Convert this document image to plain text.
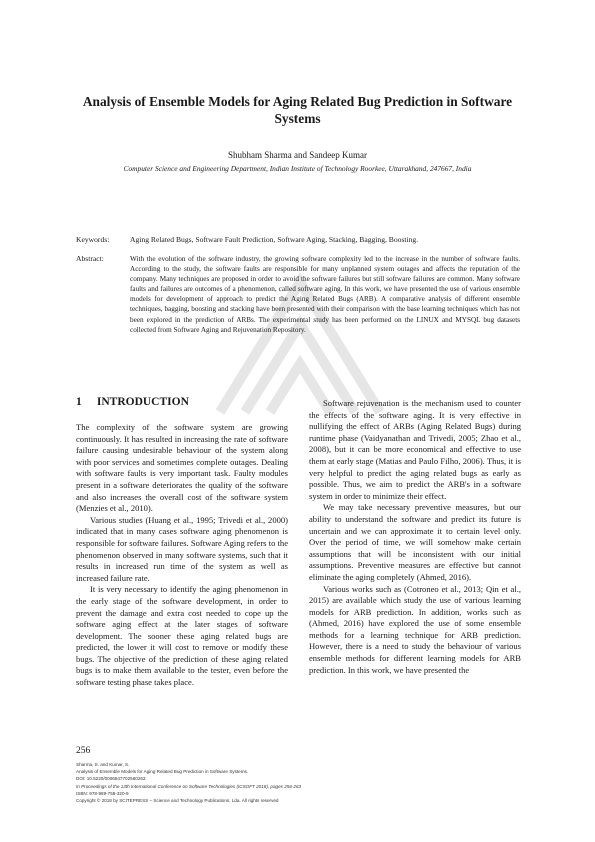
Analysis of Ensemble Models for Aging Related Bug Prediction in Software Systems
Shubham Sharma and Sandeep Kumar
Computer Science and Engineering Department, Indian Institute of Technology Roorkee, Uttarakhand, 247667, India
Keywords:	Aging Related Bugs, Software Fault Prediction, Software Aging, Stacking, Bagging, Boosting.
Abstract:	With the evolution of the software industry, the growing software complexity led to the increase in the number of software faults. According to the study, the software faults are responsible for many unplanned system outages and affects the reputation of the company. Many techniques are proposed in order to avoid the software failures but still software failures are common. Many software faults and failures are outcomes of a phenomenon, called software aging. In this work, we have presented the use of various ensemble models for development of approach to predict the Aging Related Bugs (ARB). A comparative analysis of different ensemble techniques, bagging, boosting and stacking have been presented with their comparison with the base learning techniques which has not been explored in the prediction of ARBs. The experimental study has been performed on the LINUX and MYSQL bug datasets collected from Software Aging and Rejuvenation Repository.
1 INTRODUCTION

The complexity of the software system are growing continuously. It has resulted in increasing the rate of software failure causing undesirable behaviour of the system along with poor services and sometimes complete outages. Dealing with software faults is very important task. Faulty modules present in a software deteriorates the quality of the software and also increases the overall cost of the software system (Menzies et al., 2010).

Various studies (Huang et al., 1995; Trivedi et al., 2000) indicated that in many cases software aging phenomenon is responsible for software failures. Software Aging refers to the phenomenon observed in many software systems, such that it results in increased run time of the system as well as increased failure rate.

It is very necessary to identify the aging phenomenon in the early stage of the software development, in order to prevent the damage and extra cost needed to cope up the software aging effect at the later stages of software development. The sooner these aging related bugs are predicted, the lower it will cost to remove or modify these bugs. The objective of the prediction of these aging related bugs is to make them available to the tester, even before the software testing phase takes place.

Software rejuvenation is the mechanism used to counter the effects of the software aging. It is very effective in nullifying the effect of ARBs (Aging Related Bugs) during runtime phase (Vaidyanathan and Trivedi, 2005; Zhao et al., 2008), but it can be more economical and effective to use them at early stage (Matias and Paulo Filho, 2006). Thus, it is very helpful to predict the aging related bugs as early as possible. Thus, we aim to predict the ARB's in a software system in order to minimize their effect.

We may take necessary preventive measures, but our ability to understand the software and predict its future is uncertain and we can approximate it to certain level only. Over the period of time, we will somehow make certain assumptions that will be inconsistent with our initial assumptions. Preventive measures are effective but cannot eliminate the aging completely (Ahmed, 2016).

Various works such as (Cotroneo et al., 2013; Qin et al., 2015) are available which study the use of various learning models for ARB prediction. In addition, works such as (Ahmed, 2016) have explored the use of some ensemble methods for a learning technique for ARB prediction. However, there is a need to study the behaviour of various ensemble methods for different learning models for ARB prediction. In this work, we have presented the

256
Sharma, S. and Kumar, S.
Analysis of Ensemble Models for Aging Related Bug Prediction in Software Systems.
DOI: 10.5220/0006847702560263
In Proceedings of the 13th International Conference on Software Technologies (ICSOFT 2018), pages 256-263
ISBN: 978-989-758-320-9
Copyright © 2018 by SCITEPRESS – Science and Technology Publications, Lda. All rights reserved
